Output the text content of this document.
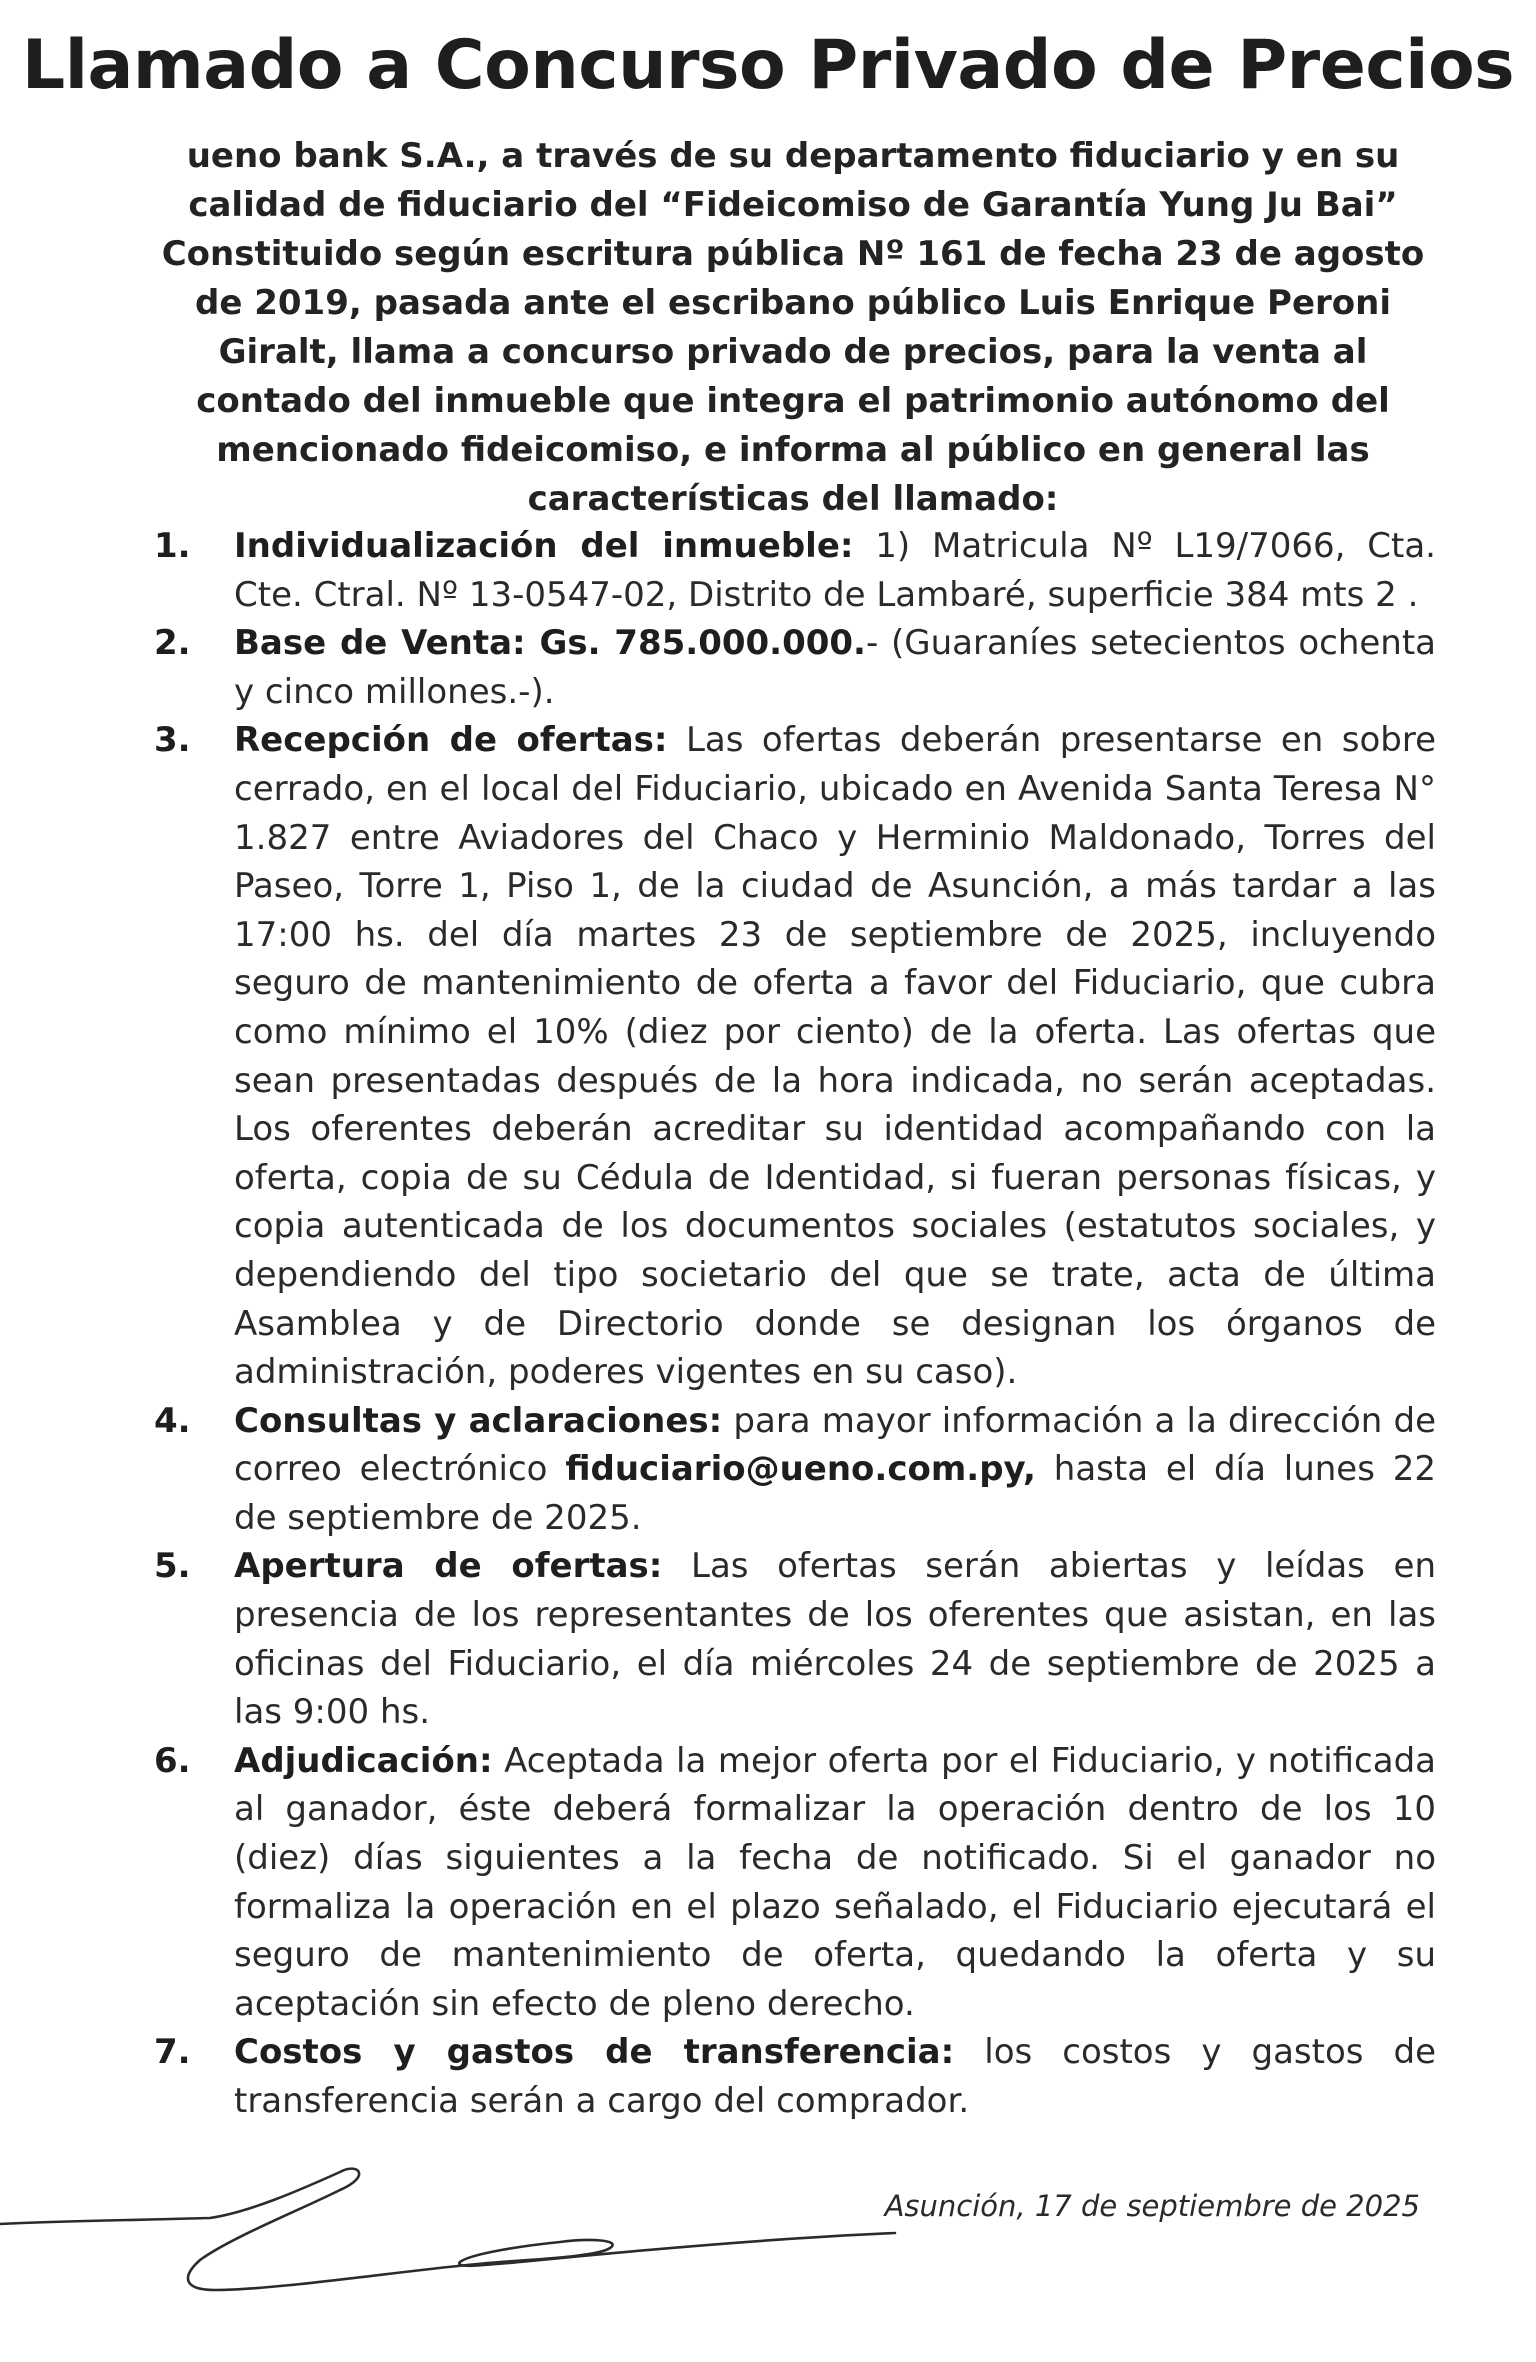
Llamado a Concurso Privado de Precios

ueno bank S.A., a través de su departamento fiduciario y en su calidad de fiduciario del “Fideicomiso de Garantía Yung Ju Bai” Constituido según escritura pública Nº 161 de fecha 23 de agosto de 2019, pasada ante el escribano público Luis Enrique Peroni Giralt, llama a concurso privado de precios, para la venta al contado del inmueble que integra el patrimonio autónomo del mencionado fideicomiso, e informa al público en general las características del llamado:

1. Individualización del inmueble: 1) Matricula Nº L19/7066, Cta. Cte. Ctral. Nº 13-0547-02, Distrito de Lambaré, superficie 384 mts 2 .
2. Base de Venta: Gs. 785.000.000.- (Guaraníes setecientos ochenta y cinco millones.-).
3. Recepción de ofertas: Las ofertas deberán presentarse en sobre cerrado, en el local del Fiduciario, ubicado en Avenida Santa Teresa N° 1.827 entre Aviadores del Chaco y Herminio Maldonado, Torres del Paseo, Torre 1, Piso 1, de la ciudad de Asunción, a más tardar a las 17:00 hs. del día martes 23 de septiembre de 2025, incluyendo seguro de mantenimiento de oferta a favor del Fiduciario, que cubra como mínimo el 10% (diez por ciento) de la oferta. Las ofertas que sean presentadas después de la hora indicada, no serán aceptadas. Los oferentes deberán acreditar su identidad acompañando con la oferta, copia de su Cédula de Identidad, si fueran personas físicas, y copia autenticada de los documentos sociales (estatutos sociales, y dependiendo del tipo societario del que se trate, acta de última Asamblea y de Directorio donde se designan los órganos de administración, poderes vigentes en su caso).
4. Consultas y aclaraciones: para mayor información a la dirección de correo electrónico fiduciario@ueno.com.py, hasta el día lunes 22 de septiembre de 2025.
5. Apertura de ofertas: Las ofertas serán abiertas y leídas en presencia de los representantes de los oferentes que asistan, en las oficinas del Fiduciario, el día miércoles 24 de septiembre de 2025 a las 9:00 hs.
6. Adjudicación: Aceptada la mejor oferta por el Fiduciario, y notificada al ganador, éste deberá formalizar la operación dentro de los 10 (diez) días siguientes a la fecha de notificado. Si el ganador no formaliza la operación en el plazo señalado, el Fiduciario ejecutará el seguro de mantenimiento de oferta, quedando la oferta y su aceptación sin efecto de pleno derecho.
7. Costos y gastos de transferencia: los costos y gastos de transferencia serán a cargo del comprador.
Asunción, 17 de septiembre de 2025
